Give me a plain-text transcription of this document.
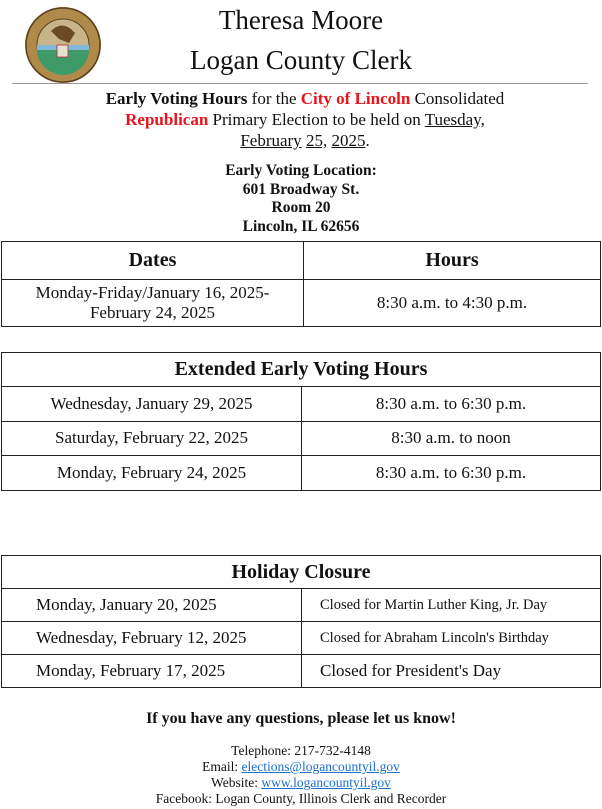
Theresa Moore
Logan County Clerk
Early Voting Hours for the City of Lincoln Consolidated
Republican Primary Election to be held on Tuesday,
February 25, 2025.
Early Voting Location:
601 Broadway St.
Room 20
Lincoln, IL 62656
Dates	Hours
Monday-Friday/January 16, 2025-February 24, 2025	8:30 a.m. to 4:30 p.m.
Extended Early Voting Hours	
Wednesday, January 29, 2025	8:30 a.m. to 6:30 p.m.
Saturday, February 22, 2025	8:30 a.m. to noon
Monday, February 24, 2025	8:30 a.m. to 6:30 p.m.
Holiday Closure	
Monday, January 20, 2025	Closed for Martin Luther King, Jr. Day
Wednesday, February 12, 2025	Closed for Abraham Lincoln's Birthday
Monday, February 17, 2025	Closed for President's Day
If you have any questions, please let us know!
Telephone: 217-732-4148
Email: elections@logancountyil.gov
Website: www.logancountyil.gov
Facebook: Logan County, Illinois Clerk and Recorder
